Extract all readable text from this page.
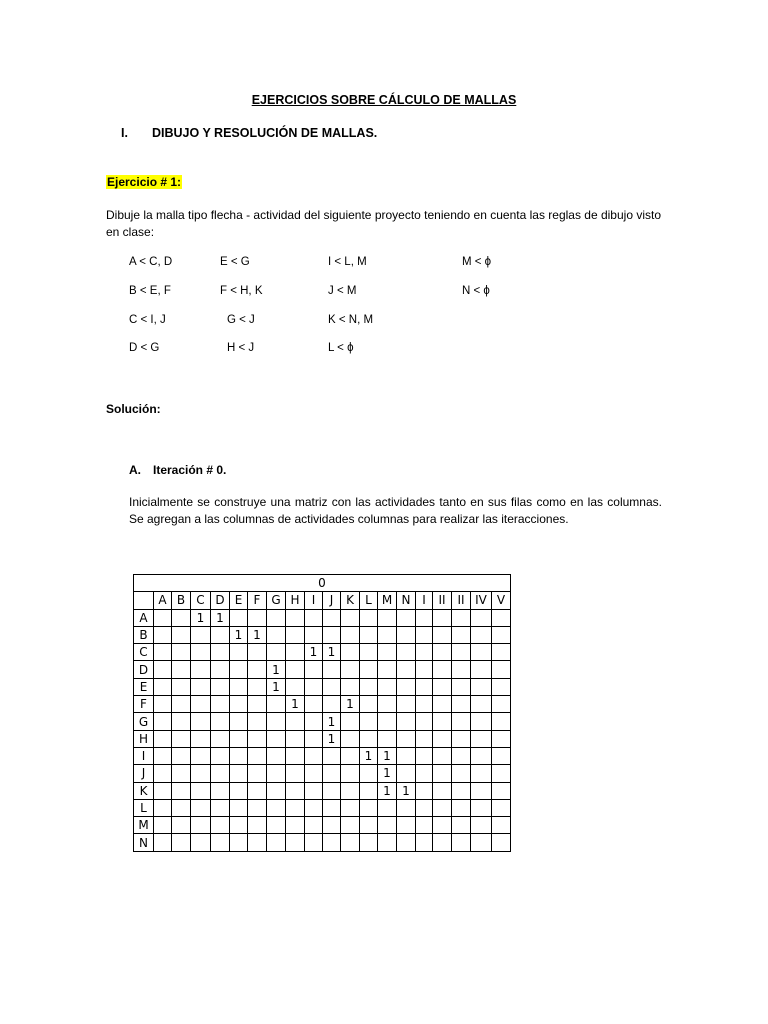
EJERCICIOS SOBRE CÁLCULO DE MALLAS
I. DIBUJO Y RESOLUCIÓN DE MALLAS.
Ejercicio # 1:
Dibuje la malla tipo flecha - actividad del siguiente proyecto teniendo en cuenta las reglas de dibujo visto en clase:
A < C, D	E < G	I < L, M	M < ϕ
B < E, F	F < H, K	J < M	N < ϕ
C < I, J	G < J	K < N, M
D < G	H < J	L < ϕ
Solución:
A. Iteración # 0.
Inicialmente se construye una matriz con las actividades tanto en sus filas como en las columnas. Se agregan a las columnas de actividades columnas para realizar las iteracciones.
0																			
	A	B	C	D	E	F	G	H	I	J	K	L	M	N	I	II	II	IV	V
A			1	1															
B					1	1													
C									1	1									
D							1												
E							1												
F								1			1								
G										1									
H										1									
I												1	1						
J													1						
K													1	1					
L																			
M																			
N																			
